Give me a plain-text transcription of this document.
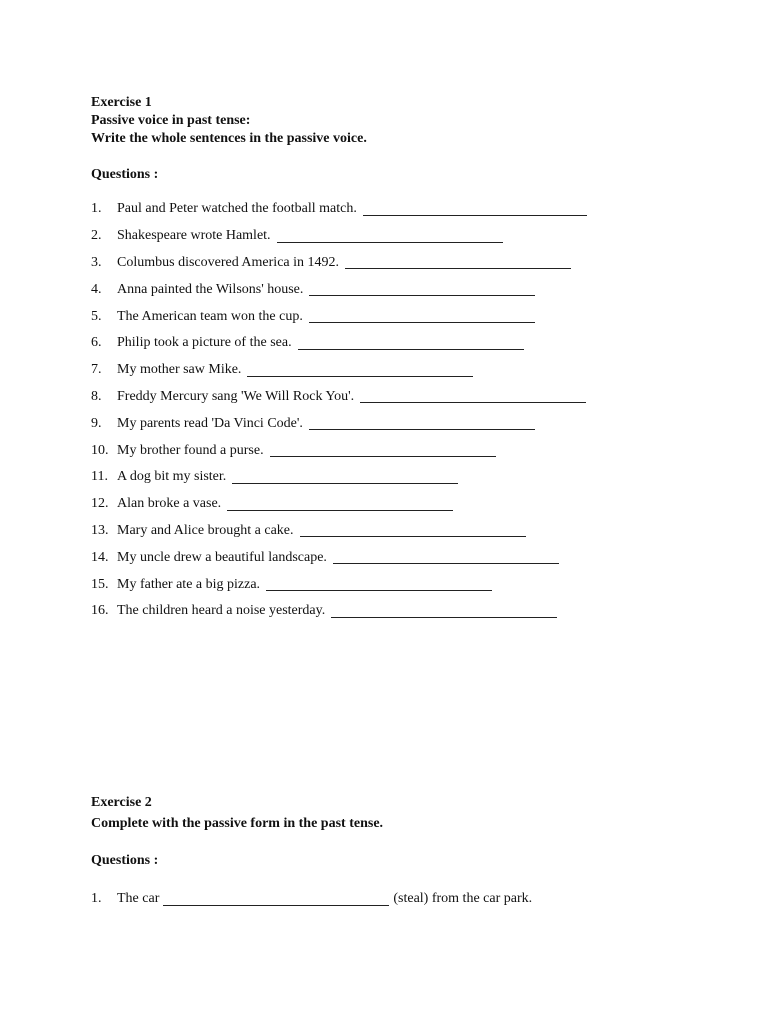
Exercise 1
Passive voice in past tense:
Write the whole sentences in the passive voice.
Questions :
1.	Paul and Peter watched the football match.
2.	Shakespeare wrote Hamlet.
3.	Columbus discovered America in 1492.
4.	Anna painted the Wilsons' house.
5.	The American team won the cup.
6.	Philip took a picture of the sea.
7.	My mother saw Mike.
8.	Freddy Mercury sang 'We Will Rock You'.
9.	My parents read 'Da Vinci Code'.
10. My brother found a purse.
11. A dog bit my sister.
12. Alan broke a vase.
13. Mary and Alice brought a cake.
14. My uncle drew a beautiful landscape.
15. My father ate a big pizza.
16. The children heard a noise yesterday.
Exercise 2
Complete with the passive form in the past tense.
Questions :
1.	The car	(steal) from the car park.
